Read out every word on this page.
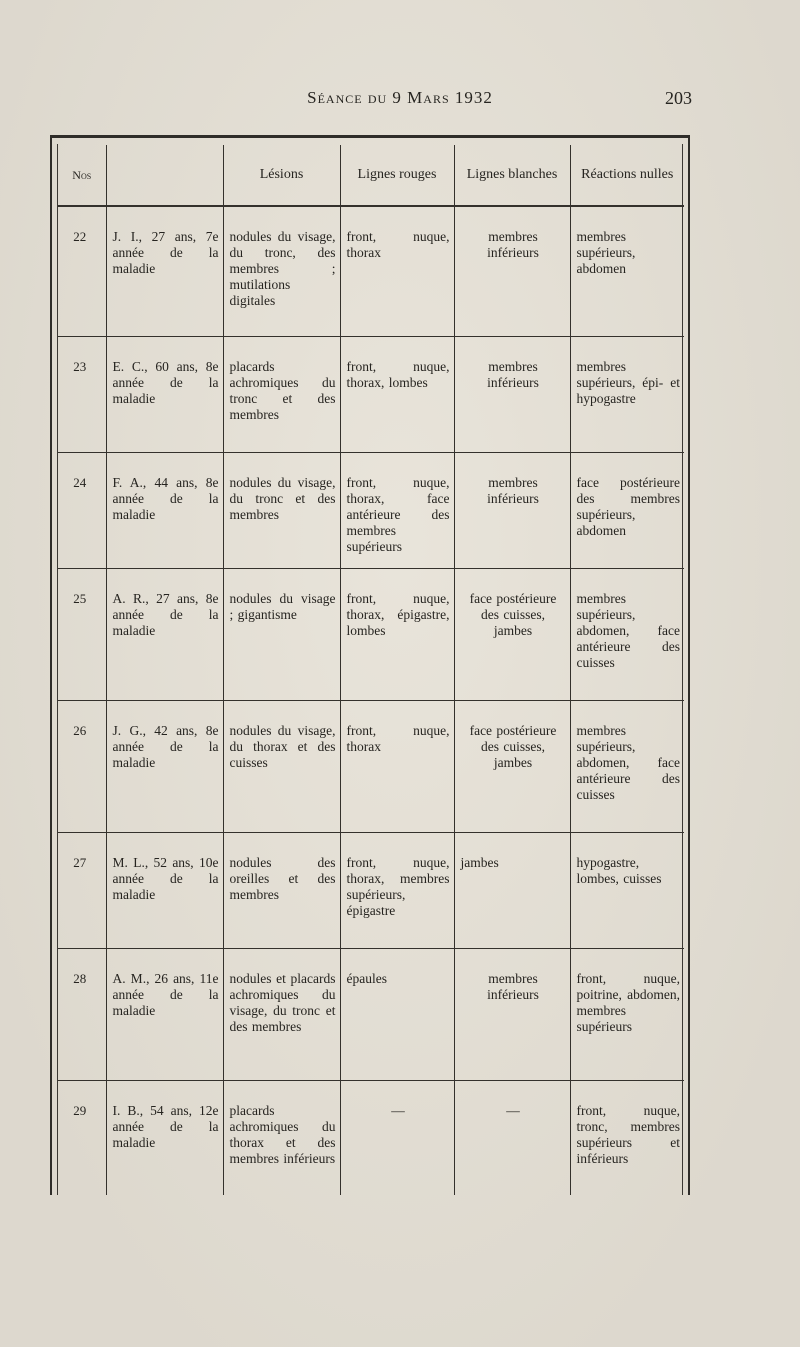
Séance du 9 Mars 1932	203
Nos		Lésions	Lignes rouges	Lignes blanches	Réactions nulles
22	J. I., 27 ans, 7e année de la maladie	nodules du visage, du tronc, des membres ; mutilations digitales	front, nuque, thorax	membres inférieurs	membres supérieurs, abdomen

23	E. C., 60 ans, 8e année de la maladie	placards achromiques du tronc et des membres	front, nuque, thorax, lombes	membres inférieurs	membres supérieurs, épi- et hypogastre

24	F. A., 44 ans, 8e année de la maladie	nodules du visage, du tronc et des membres	front, nuque, thorax, face antérieure des membres supérieurs	membres inférieurs	face postérieure des membres supérieurs, abdomen

25	A. R., 27 ans, 8e année de la maladie	nodules du visage ; gigantisme	front, nuque, thorax, épigastre, lombes	face postérieure des cuisses, jambes	membres supérieurs, abdomen, face antérieure des cuisses

26	J. G., 42 ans, 8e année de la maladie	nodules du visage, du thorax et des cuisses	front, nuque, thorax	face postérieure des cuisses, jambes	membres supérieurs, abdomen, face antérieure des cuisses

27	M. L., 52 ans, 10e année de la maladie	nodules des oreilles et des membres	front, nuque, thorax, membres supérieurs, épigastre	jambes	hypogastre, lombes, cuisses

28	A. M., 26 ans, 11e année de la maladie	nodules et placards achromiques du visage, du tronc et des membres	épaules	membres inférieurs	front, nuque, poitrine, abdomen, membres supérieurs

29	I. B., 54 ans, 12e année de la maladie	placards achromiques du thorax et des membres inférieurs	—	—	front, nuque, tronc, membres supérieurs et inférieurs
